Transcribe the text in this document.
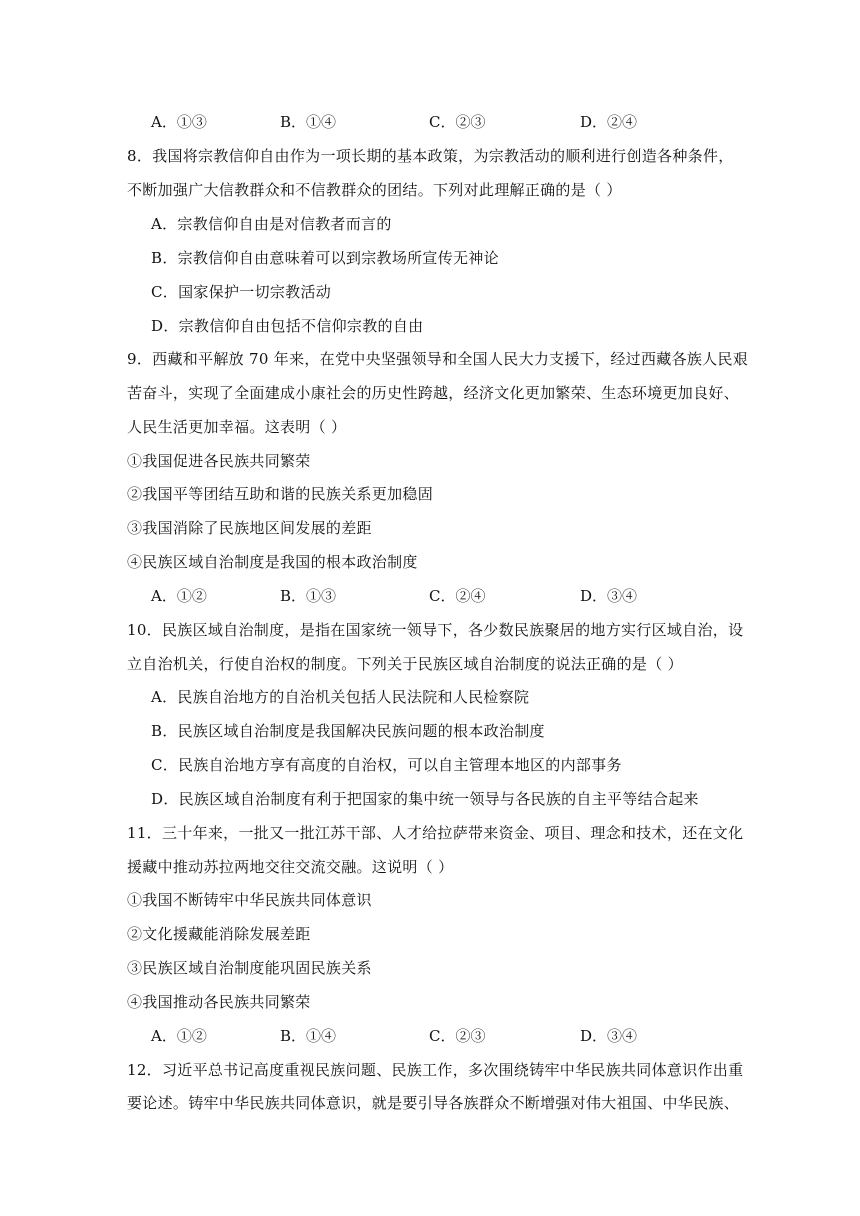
A．①③	B．①④	C．②③	D．②④
8．我国将宗教信仰自由作为一项长期的基本政策，为宗教活动的顺利进行创造各种条件，
不断加强广大信教群众和不信教群众的团结。下列对此理解正确的是（ ）
A．宗教信仰自由是对信教者而言的
B．宗教信仰自由意味着可以到宗教场所宣传无神论
C．国家保护一切宗教活动
D．宗教信仰自由包括不信仰宗教的自由
9．西藏和平解放 70 年来，在党中央坚强领导和全国人民大力支援下，经过西藏各族人民艰
苦奋斗，实现了全面建成小康社会的历史性跨越，经济文化更加繁荣、生态环境更加良好、
人民生活更加幸福。这表明（ ）
①我国促进各民族共同繁荣
②我国平等团结互助和谐的民族关系更加稳固
③我国消除了民族地区间发展的差距
④民族区域自治制度是我国的根本政治制度
A．①②	B．①③	C．②④	D．③④
10．民族区域自治制度，是指在国家统一领导下，各少数民族聚居的地方实行区域自治，设
立自治机关，行使自治权的制度。下列关于民族区域自治制度的说法正确的是（ ）
A．民族自治地方的自治机关包括人民法院和人民检察院
B．民族区域自治制度是我国解决民族问题的根本政治制度
C．民族自治地方享有高度的自治权，可以自主管理本地区的内部事务
D．民族区域自治制度有利于把国家的集中统一领导与各民族的自主平等结合起来
11．三十年来，一批又一批江苏干部、人才给拉萨带来资金、项目、理念和技术，还在文化
援藏中推动苏拉两地交往交流交融。这说明（ ）
①我国不断铸牢中华民族共同体意识
②文化援藏能消除发展差距
③民族区域自治制度能巩固民族关系
④我国推动各民族共同繁荣
A．①②	B．①④	C．②③	D．③④
12．习近平总书记高度重视民族问题、民族工作，多次围绕铸牢中华民族共同体意识作出重
要论述。铸牢中华民族共同体意识，就是要引导各族群众不断增强对伟大祖国、中华民族、
